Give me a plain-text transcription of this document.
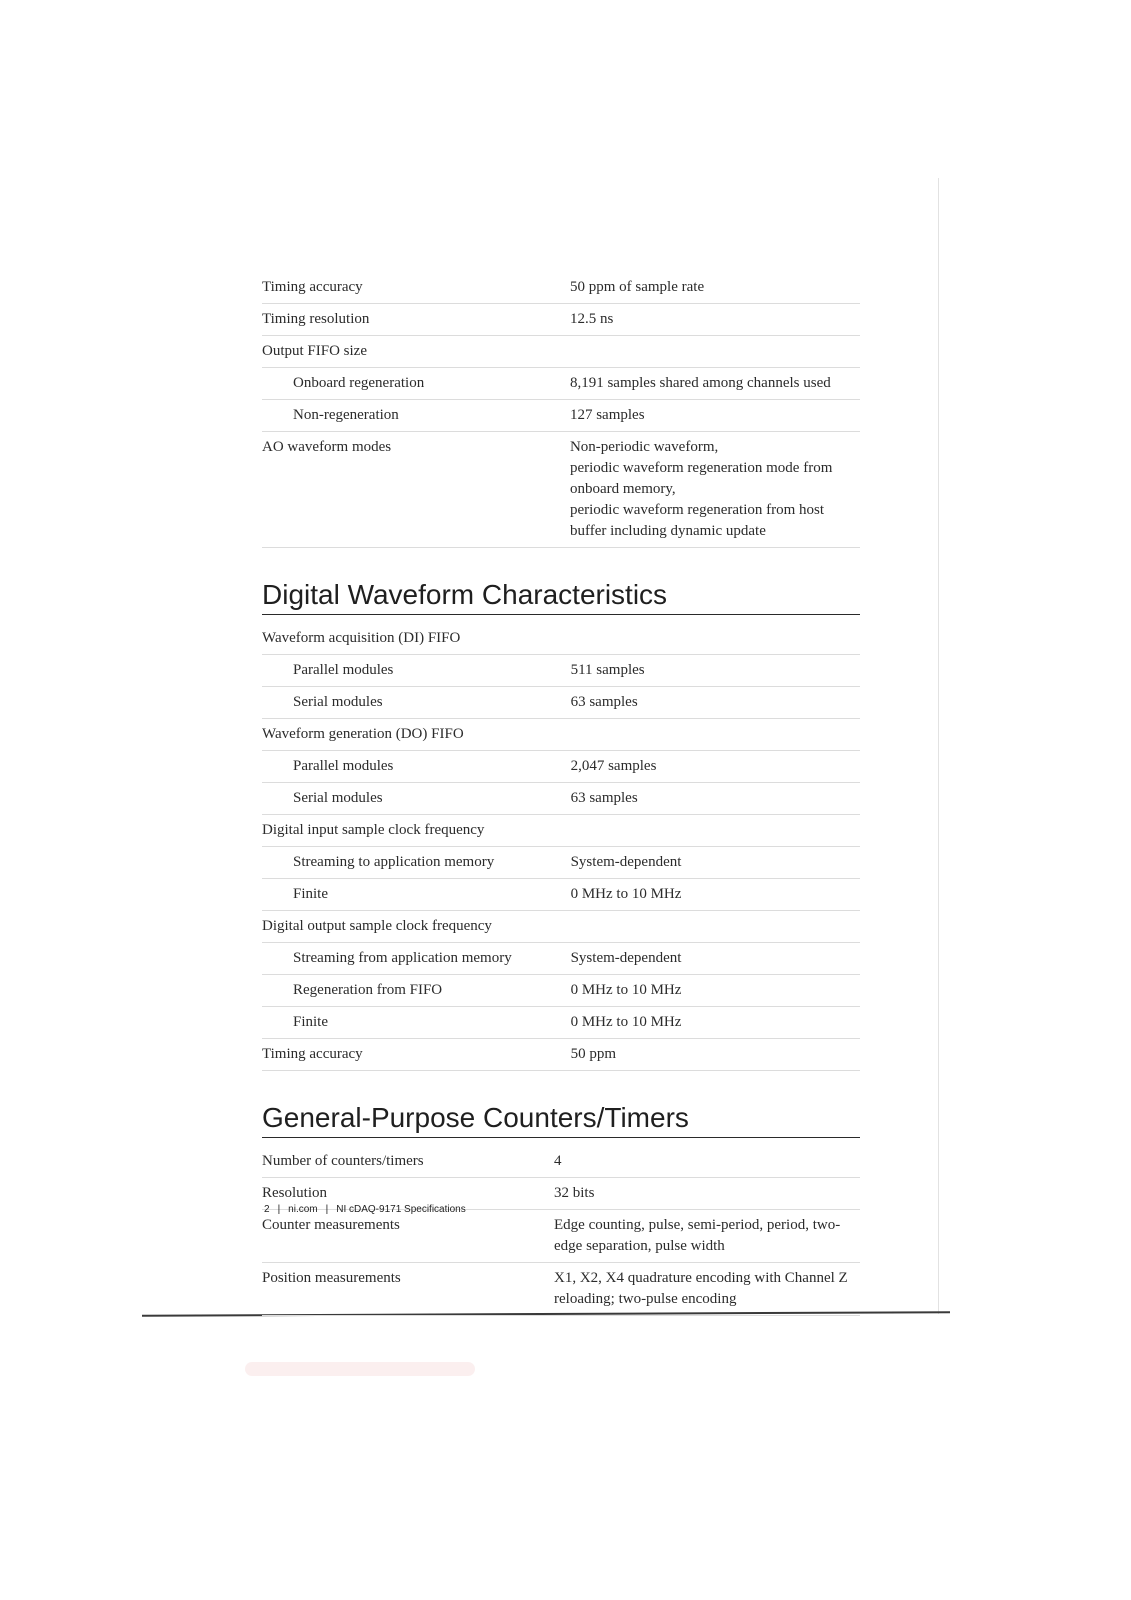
Timing accuracy	50 ppm of sample rate
Timing resolution	12.5 ns
Output FIFO size	
Onboard regeneration	8,191 samples shared among channels used
Non-regeneration	127 samples
AO waveform modes	Non-periodic waveform,
periodic waveform regeneration mode from onboard memory,
periodic waveform regeneration from host buffer including dynamic update
Digital Waveform Characteristics
Waveform acquisition (DI) FIFO	
Parallel modules	511 samples
Serial modules	63 samples
Waveform generation (DO) FIFO	
Parallel modules	2,047 samples
Serial modules	63 samples
Digital input sample clock frequency	
Streaming to application memory	System-dependent
Finite	0 MHz to 10 MHz
Digital output sample clock frequency	
Streaming from application memory	System-dependent
Regeneration from FIFO	0 MHz to 10 MHz
Finite	0 MHz to 10 MHz
Timing accuracy	50 ppm
General-Purpose Counters/Timers
Number of counters/timers	4
Resolution	32 bits
Counter measurements	Edge counting, pulse, semi-period, period, two-edge separation, pulse width
Position measurements	X1, X2, X4 quadrature encoding with Channel Z reloading; two-pulse encoding
2 | ni.com | NI cDAQ-9171 Specifications
